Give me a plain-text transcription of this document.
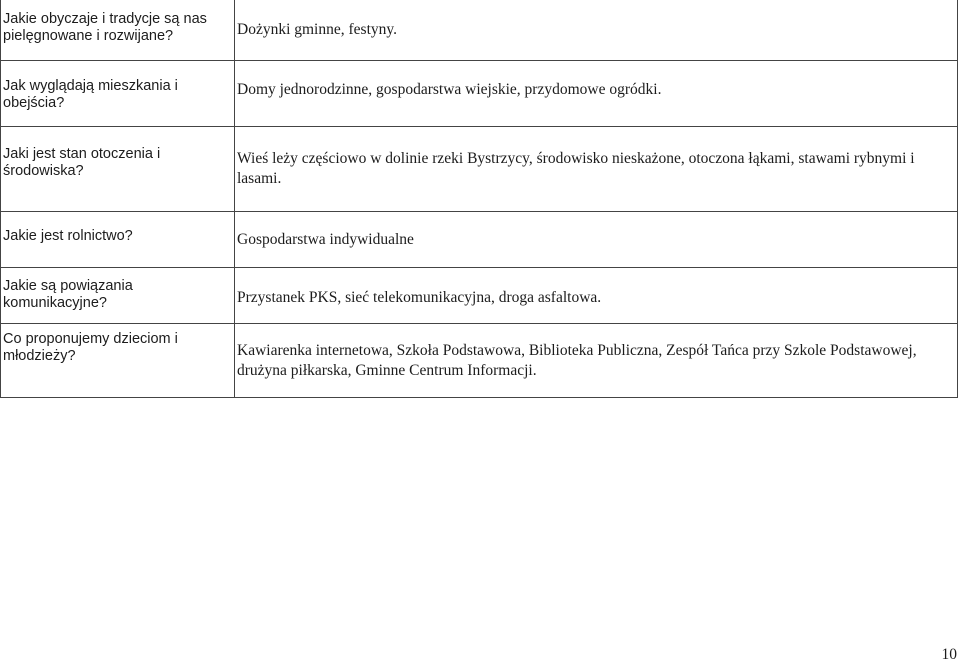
Jakie obyczaje i tradycje są nas pielęgnowane i rozwijane?	Dożynki gminne, festyny.

Jak wyglądają mieszkania i obejścia?	Domy jednorodzinne, gospodarstwa wiejskie, przydomowe ogródki.

Jaki jest stan otoczenia i środowiska?	Wieś leży częściowo w dolinie rzeki Bystrzycy, środowisko nieskażone, otoczona łąkami, stawami rybnymi i lasami.

Jakie jest rolnictwo?	Gospodarstwa indywidualne

Jakie są powiązania komunikacyjne?	Przystanek PKS, sieć telekomunikacyjna, droga asfaltowa.

Co proponujemy dzieciom i młodzieży?	Kawiarenka internetowa, Szkoła Podstawowa, Biblioteka Publiczna, Zespół Tańca przy Szkole Podstawowej, drużyna piłkarska, Gminne Centrum Informacji.
10
